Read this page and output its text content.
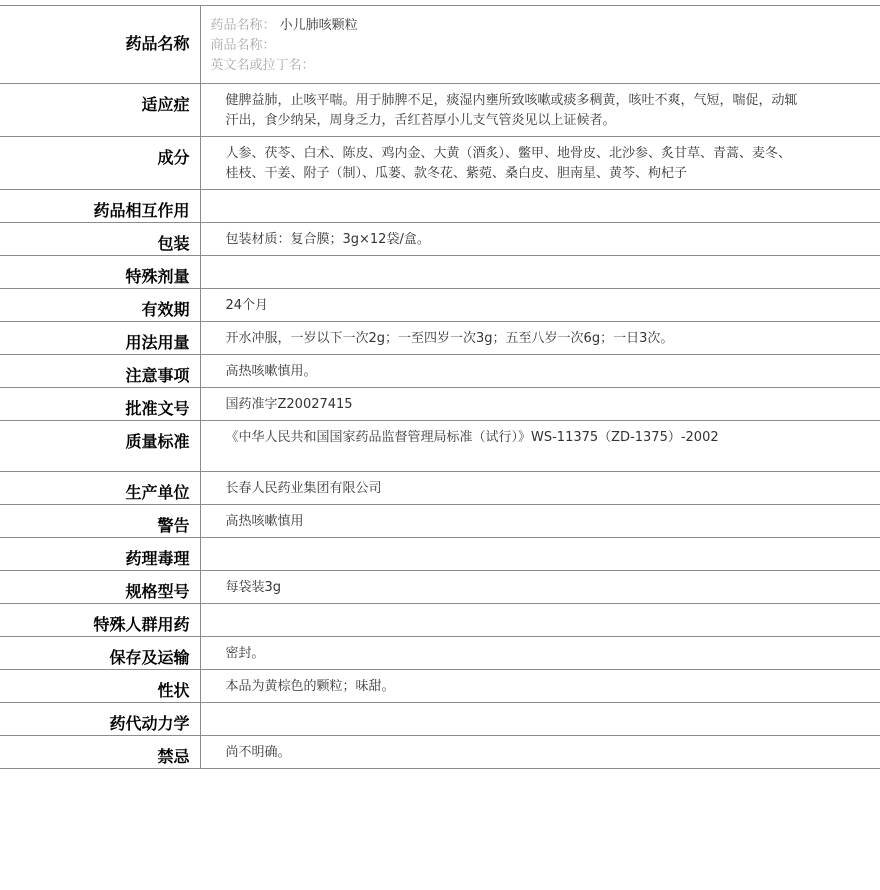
药品名称	药品名称： 小儿肺咳颗粒
商品名称：
英文名或拉丁名：

适应症	健脾益肺，止咳平喘。用于肺脾不足，痰湿内壅所致咳嗽或痰多稠黄，咳吐不爽，气短，喘促，动辄汗出，食少纳呆，周身乏力，舌红苔厚小儿支气管炎见以上证候者。
成分	人参、茯苓、白术、陈皮、鸡内金、大黄（酒炙）、鳖甲、地骨皮、北沙参、炙甘草、青蒿、麦冬、桂枝、干姜、附子（制）、瓜蒌、款冬花、紫菀、桑白皮、胆南星、黄芩、枸杞子
药品相互作用	
包装	包装材质：复合膜；3g×12袋/盒。
特殊剂量	
有效期	24个月
用法用量	开水冲服，一岁以下一次2g；一至四岁一次3g；五至八岁一次6g；一日3次。
注意事项	高热咳嗽慎用。
批准文号	国药准字Z20027415
质量标准	《中华人民共和国国家药品监督管理局标准（试行）》WS-11375（ZD-1375）-2002
生产单位	长春人民药业集团有限公司
警告	高热咳嗽慎用
药理毒理	
规格型号	每袋装3g
特殊人群用药	
保存及运输	密封。
性状	本品为黄棕色的颗粒；味甜。
药代动力学	
禁忌	尚不明确。
